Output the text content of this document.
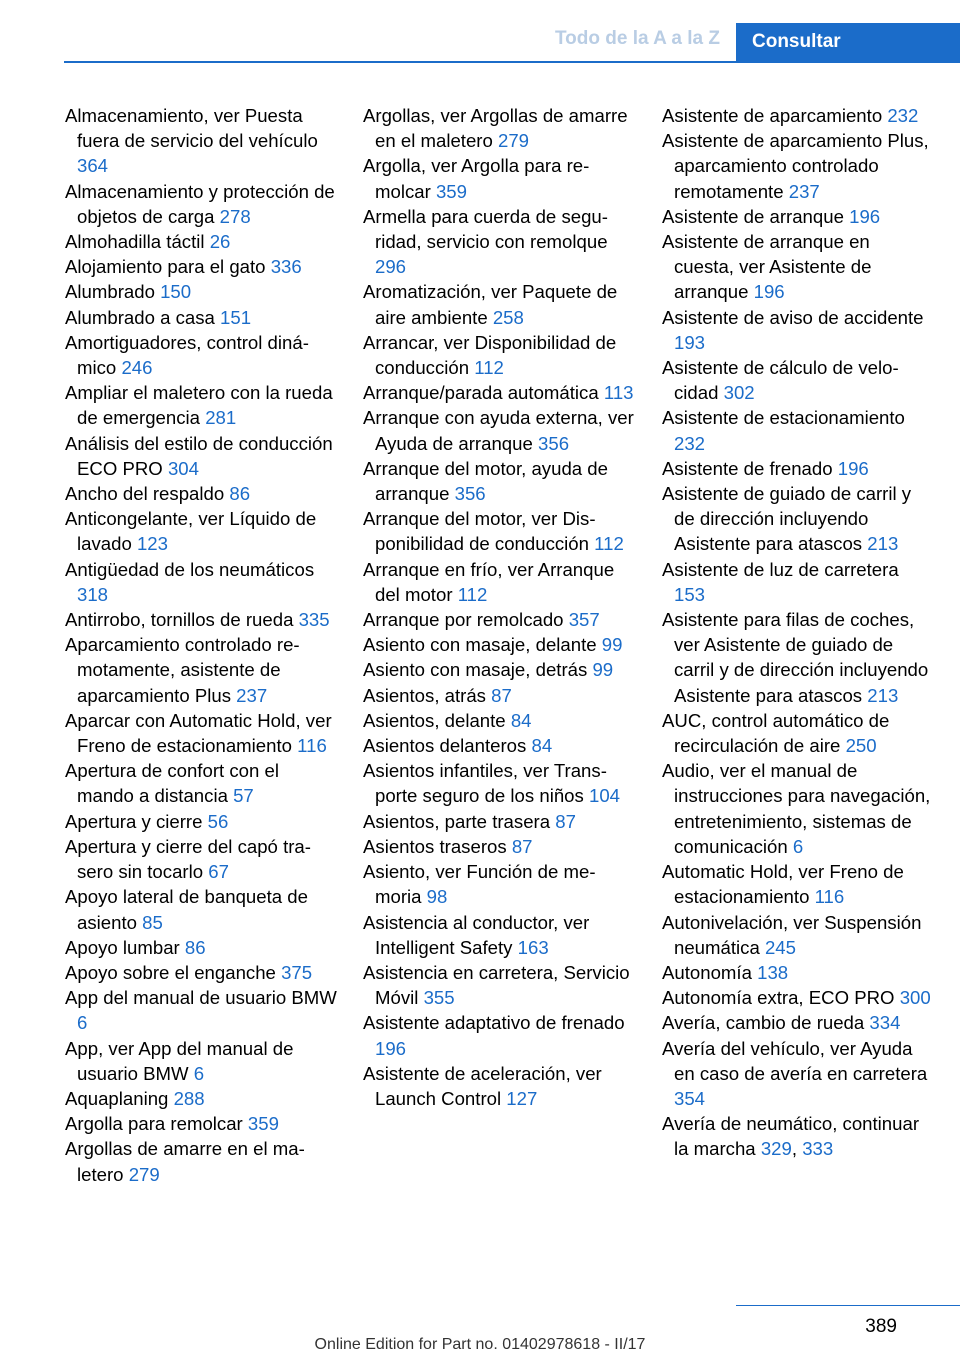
Todo de la A a la Z	Consultar
Almacenamiento, ver Puesta fuera de servicio del vehículo 364
Almacenamiento y protección de objetos de carga 278
Almohadilla táctil 26
Alojamiento para el gato 336
Alumbrado 150
Alumbrado a casa 151
Amortiguadores, control dinámico 246
Ampliar el maletero con la rueda de emergencia 281
Análisis del estilo de conducción ECO PRO 304
Ancho del respaldo 86
Anticongelante, ver Líquido de lavado 123
Antigüedad de los neumáticos 318
Antirrobo, tornillos de rueda 335
Aparcamiento controlado remotamente, asistente de aparcamiento Plus 237
Aparcar con Automatic Hold, ver Freno de estacionamiento 116
Apertura de confort con el mando a distancia 57
Apertura y cierre 56
Apertura y cierre del capó trasero sin tocarlo 67
Apoyo lateral de banqueta de asiento 85
Apoyo lumbar 86
Apoyo sobre el enganche 375
App del manual de usuario BMW 6
App, ver App del manual de usuario BMW 6
Aquaplaning 288
Argolla para remolcar 359
Argollas de amarre en el maletero 279
Argollas, ver Argollas de amarre en el maletero 279
Argolla, ver Argolla para remolcar 359
Armella para cuerda de seguridad, servicio con remolque 296
Aromatización, ver Paquete de aire ambiente 258
Arrancar, ver Disponibilidad de conducción 112
Arranque/parada automática 113
Arranque con ayuda externa, ver Ayuda de arranque 356
Arranque del motor, ayuda de arranque 356
Arranque del motor, ver Disponibilidad de conducción 112
Arranque en frío, ver Arranque del motor 112
Arranque por remolcado 357
Asiento con masaje, delante 99
Asiento con masaje, detrás 99
Asientos, atrás 87
Asientos, delante 84
Asientos delanteros 84
Asientos infantiles, ver Transporte seguro de los niños 104
Asientos, parte trasera 87
Asientos traseros 87
Asiento, ver Función de memoria 98
Asistencia al conductor, ver Intelligent Safety 163
Asistencia en carretera, Servicio Móvil 355
Asistente adaptativo de frenado 196
Asistente de aceleración, ver Launch Control 127
Asistente de aparcamiento 232
Asistente de aparcamiento Plus, aparcamiento controlado remotamente 237
Asistente de arranque 196
Asistente de arranque en cuesta, ver Asistente de arranque 196
Asistente de aviso de accidente 193
Asistente de cálculo de velocidad 302
Asistente de estacionamiento 232
Asistente de frenado 196
Asistente de guiado de carril y de dirección incluyendo Asistente para atascos 213
Asistente de luz de carretera 153
Asistente para filas de coches, ver Asistente de guiado de carril y de dirección incluyendo Asistente para atascos 213
AUC, control automático de recirculación de aire 250
Audio, ver el manual de instrucciones para navegación, entretenimiento, sistemas de comunicación 6
Automatic Hold, ver Freno de estacionamiento 116
Autonivelación, ver Suspensión neumática 245
Autonomía 138
Autonomía extra, ECO PRO 300
Avería, cambio de rueda 334
Avería del vehículo, ver Ayuda en caso de avería en carretera 354
Avería de neumático, continuar la marcha 329, 333
389
Online Edition for Part no. 01402978618 - II/17
